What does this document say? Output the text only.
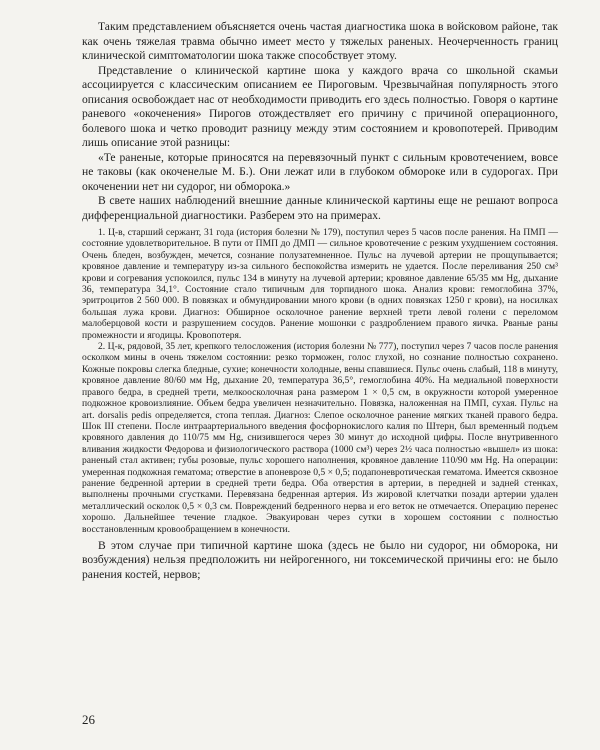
Таким представлением объясняется очень частая диагностика шока в войсковом районе, так как очень тяжелая травма обычно имеет место у тяжелых раненых. Неочерченность границ клинической симптоматологии шока также способствует этому.

Представление о клинической картине шока у каждого врача со школьной скамьи ассоциируется с классическим описанием ее Пироговым. Чрезвычайная популярность этого описания освобождает нас от необходимости приводить его здесь полностью. Говоря о картине раневого «окоченения» Пирогов отождествляет его причину с причиной операционного, болевого шока и четко проводит разницу между этим состоянием и кровопотерей. Приводим лишь описание этой разницы:

«Те раненые, которые приносятся на перевязочный пункт с сильным кровотечением, вовсе не таковы (как окоченелые М. Б.). Они лежат или в глубоком обмороке или в судорогах. При окоченении нет ни судорог, ни обморока.»

В свете наших наблюдений внешние данные клинической картины еще не решают вопроса дифференциальной диагностики. Разберем это на примерах.

1. Ц-в, старший сержант, 31 года (история болезни № 179), поступил через 5 часов после ранения. На ПМП — состояние удовлетворительное. В пути от ПМП до ДМП — сильное кровотечение с резким ухудшением состояния. Очень бледен, возбужден, мечется, сознание полузатемненное. Пульс на лучевой артерии не прощупывается; кровяное давление и температуру из-за сильного беспокойства измерить не удается. После переливания 250 см³ крови и согревания успокоился, пульс 134 в минуту на лучевой артерии; кровяное давление 65/35 мм Hg, дыхание 36, температура 34,1°. Состояние стало типичным для торпидного шока. Анализ крови: гемоглобина 37%, эритроцитов 2 560 000. В повязках и обмундировании много крови (в одних повязках 1250 г крови), на носилках большая лужа крови. Диагноз: Обширное осколочное ранение верхней трети левой голени с переломом малоберцовой кости и разрушением сосудов. Ранение мошонки с раздроблением правого яичка. Рваные раны промежности и ягодицы. Кровопотеря.

2. Ц-к, рядовой, 35 лет, крепкого телосложения (история болезни № 777), поступил через 7 часов после ранения осколком мины в очень тяжелом состоянии: резко торможен, голос глухой, но сознание полностью сохранено. Кожные покровы слегка бледные, сухие; конечности холодные, вены спавшиеся. Пульс очень слабый, 118 в минуту, кровяное давление 80/60 мм Hg, дыхание 20, температура 36,5°, гемоглобина 40%. На медиальной поверхности правого бедра, в средней трети, мелкоосколочная рана размером 1 × 0,5 см, в окружности которой умеренное подкожное кровоизлияние. Объем бедра увеличен незначительно. Повязка, наложенная на ПМП, сухая. Пульс на art. dorsalis pedis определяется, стопа теплая. Диагноз: Слепое осколочное ранение мягких тканей правого бедра. Шок III степени. После интраартериального введения фосфорнокислого калия по Штерн, был временный подъем кровяного давления до 110/75 мм Hg, снизившегося через 30 минут до исходной цифры. После внутривенного вливания жидкости Федорова и физиологического раствора (1000 см³) через 2½ часа полностью «вышел» из шока: раненый стал активен; губы розовые, пульс хорошего наполнения, кровяное давление 110/90 мм Hg. На операции: умеренная подкожная гематома; отверстие в апоневрозе 0,5 × 0,5; подапоневротическая гематома. Имеется сквозное ранение бедренной артерии в средней трети бедра. Оба отверстия в артерии, в передней и задней стенках, выполнены прочными сгустками. Перевязана бедренная артерия. Из жировой клетчатки позади артерии удален металлический осколок 0,5 × 0,3 см. Повреждений бедренного нерва и его веток не отмечается. Операцию перенес хорошо. Дальнейшее течение гладкое. Эвакуирован через сутки в хорошем состоянии с полностью восстановленным кровообращением в конечности.

В этом случае при типичной картине шока (здесь не было ни судорог, ни обморока, ни возбуждения) нельзя предположить ни нейрогенного, ни токсемической причины его: не было ранения костей, нервов;

26
